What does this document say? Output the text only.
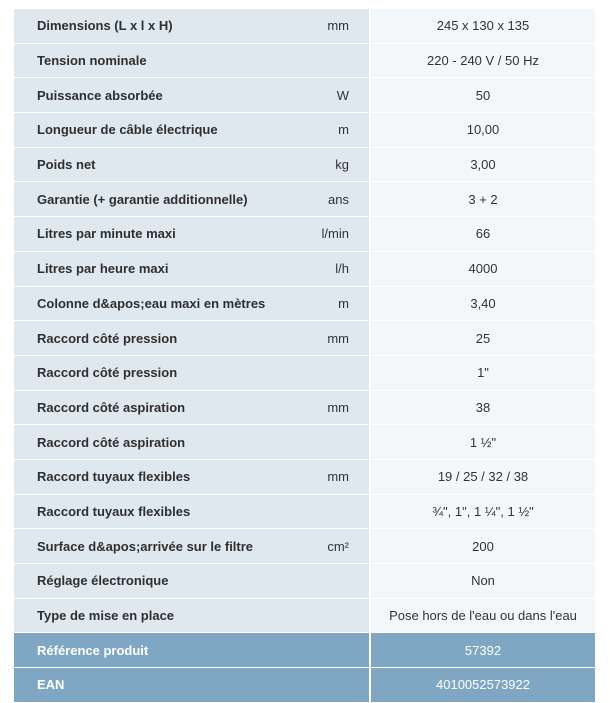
Dimensions (L x l x H)	mm	245 x 130 x 135
Tension nominale		220 - 240 V / 50 Hz
Puissance absorbée	W	50
Longueur de câble électrique	m	10,00
Poids net	kg	3,00
Garantie (+ garantie additionnelle)	ans	3 + 2
Litres par minute maxi	l/min	66
Litres par heure maxi	l/h	4000
Colonne d&apos;eau maxi en mètres	m	3,40
Raccord côté pression	mm	25
Raccord côté pression		1"
Raccord côté aspiration	mm	38
Raccord côté aspiration		1 ½"
Raccord tuyaux flexibles	mm	19 / 25 / 32 / 38
Raccord tuyaux flexibles		¾", 1", 1 ¼", 1 ½"
Surface d&apos;arrivée sur le filtre	cm²	200
Réglage électronique		Non
Type de mise en place		Pose hors de l'eau ou dans l'eau
Référence produit		57392
EAN		4010052573922
